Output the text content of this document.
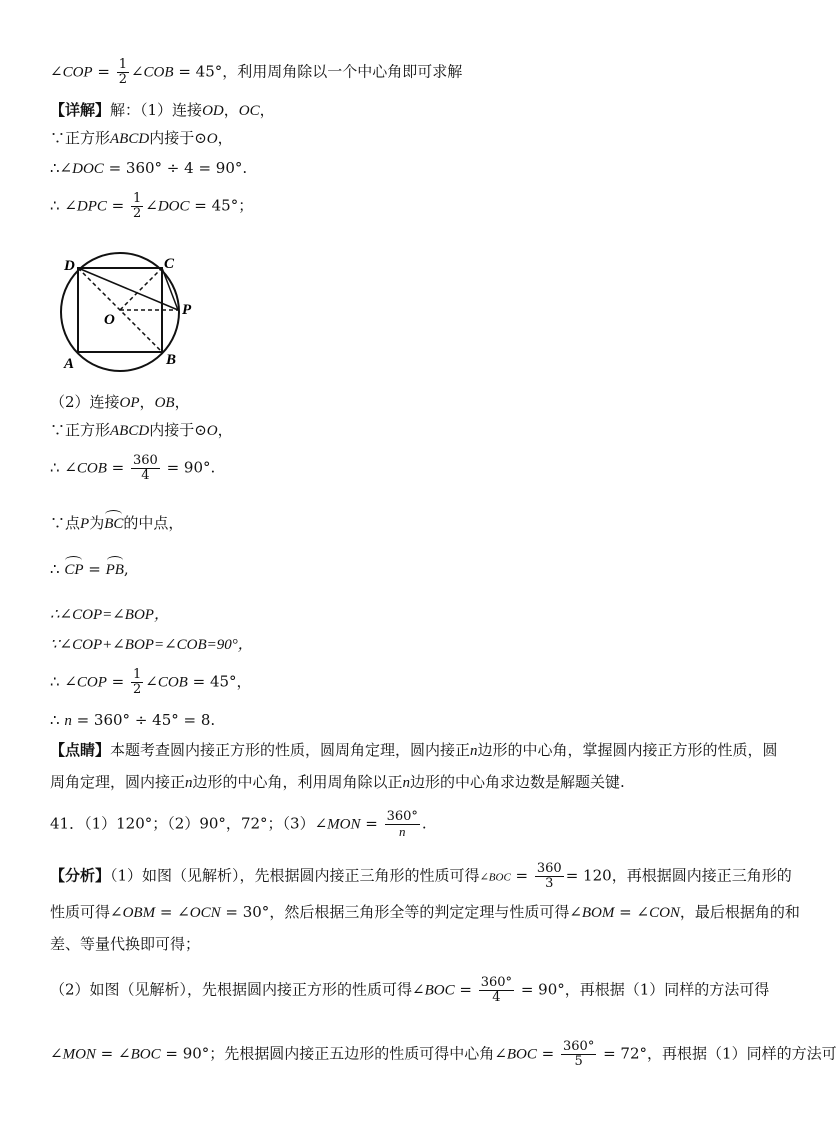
∠COP = $\frac{1}{2}$ ∠COB = 45°，利用周角除以一个中心角即可求解
【详解】解：（1）连接OD，OC，
∵正方形ABCD内接于⊙O，
∴∠DOC = 360° ÷ 4 = 90°.
∴ ∠DPC = $\frac{1}{2}$ ∠DOC = 45°；
D	C
O
P
A	B
（2）连接OP，OB，
∵正方形ABCD内接于⊙O，
∴ ∠COB = $\frac{360}{4} = 90^\circ$.
∵点P为BC的中点，
∴ CP = PB,
∴∠COP=∠BOP，
∵∠COP+∠BOP=∠COB=90°，
∴ ∠COP = $\frac{1}{2}$ ∠COB = 45°，
∴ n = 360° ÷ 45° = 8.
【点睛】本题考查圆内接正方形的性质，圆周角定理，圆内接正n边形的中心角，掌握圆内接正方形的性质，圆
周角定理，圆内接正n边形的中心角，利用周角除以正n边形的中心角求边数是解题关键.
41．（1）120°；（2）90°，72°；（3）∠MON = $\frac{360^\circ}{n}$ .
【分析】（1）如图（见解析），先根据圆内接正三角形的性质可得∠BOC = $\frac{360}{3} = 120$，再根据圆内接正三角形的
性质可得∠OBM = ∠OCN = 30°，然后根据三角形全等的判定定理与性质可得∠BOM = ∠CON，最后根据角的和
差、等量代换即可得；
（2）如图（见解析），先根据圆内接正方形的性质可得∠BOC = $\frac{360^\circ}{4} = 90^\circ$，再根据（1）同样的方法可得
∠MON = ∠BOC = 90°；先根据圆内接正五边形的性质可得中心角∠BOC = $\frac{360^\circ}{5} = 72^\circ$，再根据（1）同样的方法可
